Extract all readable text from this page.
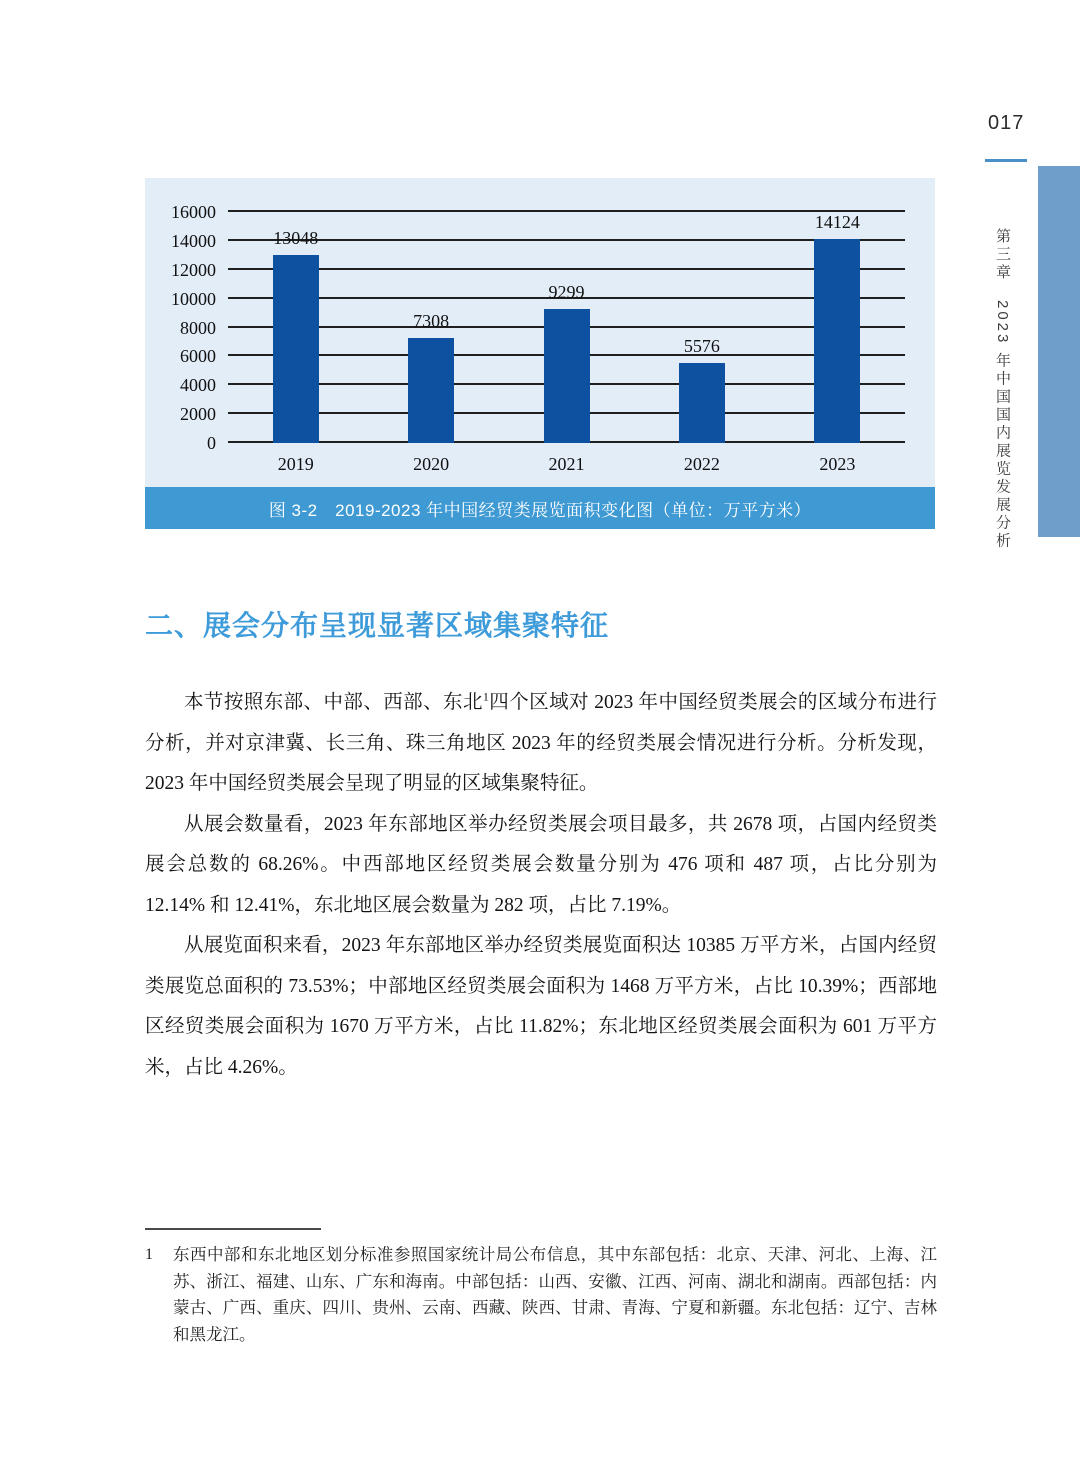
017
第三章　2023 年中国国内展览发展分析
0
2000
4000
6000
8000
10000
12000
14000
16000
13048
2019
7308
2020
9299
2021
5576
2022
14124
2023
图 3-2　2019-2023 年中国经贸类展览面积变化图（单位：万平方米）
二、展会分布呈现显著区域集聚特征

本节按照东部、中部、西部、东北$^1$四个区域对 2023 年中国经贸类展会的区域分布进行分析，并对京津冀、长三角、珠三角地区 2023 年的经贸类展会情况进行分析。分析发现，2023 年中国经贸类展会呈现了明显的区域集聚特征。

从展会数量看，2023 年东部地区举办经贸类展会项目最多，共 2678 项，占国内经贸类展会总数的 68.26%。中西部地区经贸类展会数量分别为 476 项和 487 项，占比分别为 12.14% 和 12.41%，东北地区展会数量为 282 项，占比 7.19%。

从展览面积来看，2023 年东部地区举办经贸类展览面积达 10385 万平方米，占国内经贸类展览总面积的 73.53%；中部地区经贸类展会面积为 1468 万平方米，占比 10.39%；西部地区经贸类展会面积为 1670 万平方米，占比 11.82%；东北地区经贸类展会面积为 601 万平方米，占比 4.26%。

1	东西中部和东北地区划分标准参照国家统计局公布信息，其中东部包括：北京、天津、河北、上海、江苏、浙江、福建、山东、广东和海南。中部包括：山西、安徽、江西、河南、湖北和湖南。西部包括：内蒙古、广西、重庆、四川、贵州、云南、西藏、陕西、甘肃、青海、宁夏和新疆。东北包括：辽宁、吉林和黑龙江。
